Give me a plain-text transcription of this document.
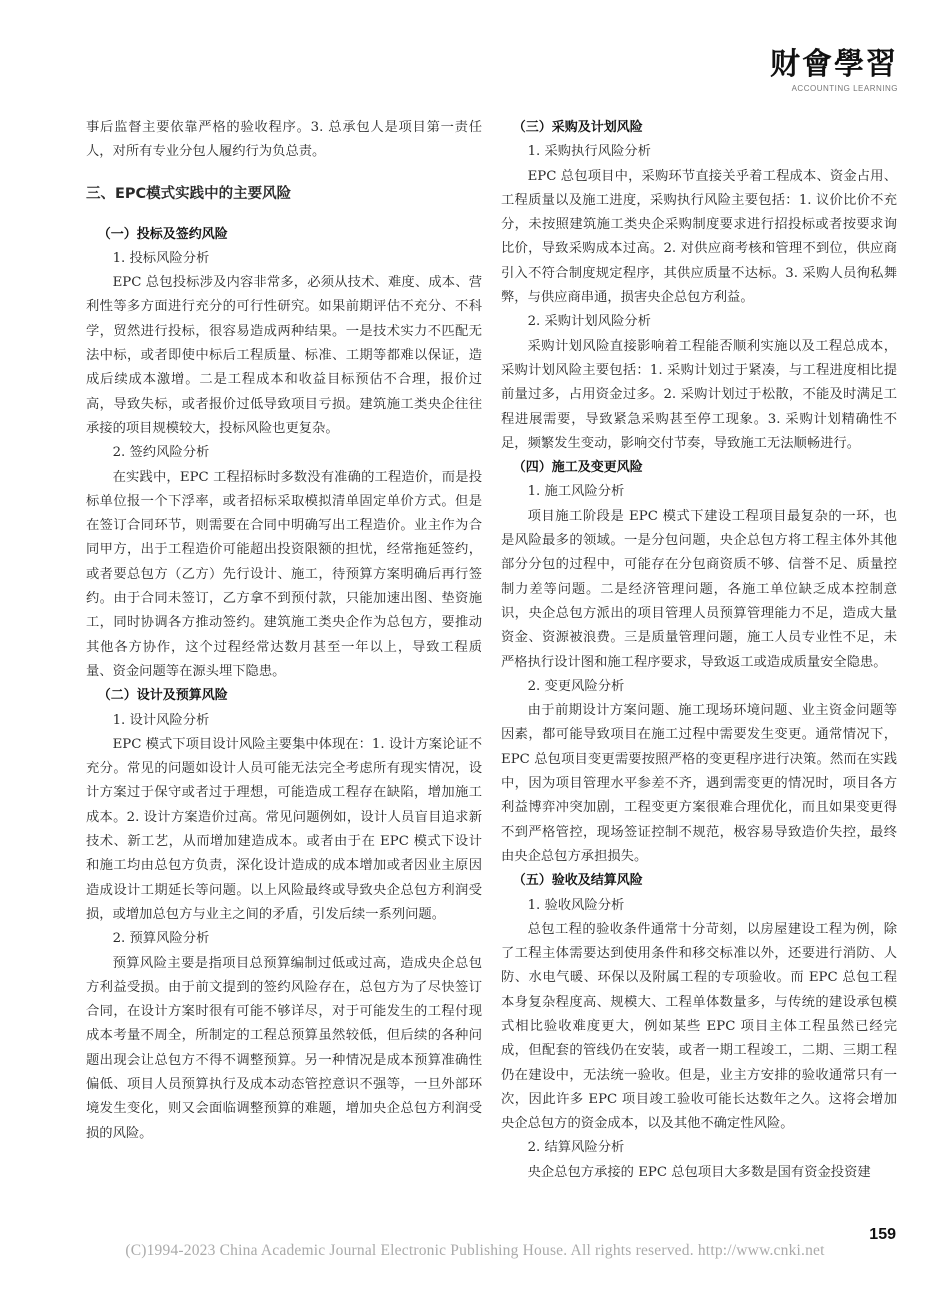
财會學習
ACCOUNTING LEARNING

事后监督主要依靠严格的验收程序。3. 总承包人是项目第一责任人，对所有专业分包人履约行为负总责。

三、EPC模式实践中的主要风险

（一）投标及签约风险

1. 投标风险分析

EPC 总包投标涉及内容非常多，必须从技术、难度、成本、营利性等多方面进行充分的可行性研究。如果前期评估不充分、不科学，贸然进行投标，很容易造成两种结果。一是技术实力不匹配无法中标，或者即使中标后工程质量、标准、工期等都难以保证，造成后续成本激增。二是工程成本和收益目标预估不合理，报价过高，导致失标，或者报价过低导致项目亏损。建筑施工类央企往往承接的项目规模较大，投标风险也更复杂。

2. 签约风险分析

在实践中，EPC 工程招标时多数没有准确的工程造价，而是投标单位报一个下浮率，或者招标采取模拟清单固定单价方式。但是在签订合同环节，则需要在合同中明确写出工程造价。业主作为合同甲方，出于工程造价可能超出投资限额的担忧，经常拖延签约，或者要总包方（乙方）先行设计、施工，待预算方案明确后再行签约。由于合同未签订，乙方拿不到预付款，只能加速出图、垫资施工，同时协调各方推动签约。建筑施工类央企作为总包方，要推动其他各方协作，这个过程经常达数月甚至一年以上，导致工程质量、资金问题等在源头埋下隐患。

（二）设计及预算风险

1. 设计风险分析

EPC 模式下项目设计风险主要集中体现在：1. 设计方案论证不充分。常见的问题如设计人员可能无法完全考虑所有现实情况，设计方案过于保守或者过于理想，可能造成工程存在缺陷，增加施工成本。2. 设计方案造价过高。常见问题例如，设计人员盲目追求新技术、新工艺，从而增加建造成本。或者由于在 EPC 模式下设计和施工均由总包方负责，深化设计造成的成本增加或者因业主原因造成设计工期延长等问题。以上风险最终或导致央企总包方利润受损，或增加总包方与业主之间的矛盾，引发后续一系列问题。

2. 预算风险分析

预算风险主要是指项目总预算编制过低或过高，造成央企总包方利益受损。由于前文提到的签约风险存在，总包方为了尽快签订合同，在设计方案时很有可能不够详尽，对于可能发生的工程付现成本考量不周全，所制定的工程总预算虽然较低，但后续的各种问题出现会让总包方不得不调整预算。另一种情况是成本预算准确性偏低、项目人员预算执行及成本动态管控意识不强等，一旦外部环境发生变化，则又会面临调整预算的难题，增加央企总包方利润受损的风险。

（三）采购及计划风险

1. 采购执行风险分析

EPC 总包项目中，采购环节直接关乎着工程成本、资金占用、工程质量以及施工进度，采购执行风险主要包括：1. 议价比价不充分，未按照建筑施工类央企采购制度要求进行招投标或者按要求询比价，导致采购成本过高。2. 对供应商考核和管理不到位，供应商引入不符合制度规定程序，其供应质量不达标。3. 采购人员徇私舞弊，与供应商串通，损害央企总包方利益。

2. 采购计划风险分析

采购计划风险直接影响着工程能否顺利实施以及工程总成本，采购计划风险主要包括：1. 采购计划过于紧凑，与工程进度相比提前量过多，占用资金过多。2. 采购计划过于松散，不能及时满足工程进展需要，导致紧急采购甚至停工现象。3. 采购计划精确性不足，频繁发生变动，影响交付节奏，导致施工无法顺畅进行。

（四）施工及变更风险

1. 施工风险分析

项目施工阶段是 EPC 模式下建设工程项目最复杂的一环，也是风险最多的领域。一是分包问题，央企总包方将工程主体外其他部分分包的过程中，可能存在分包商资质不够、信誉不足、质量控制力差等问题。二是经济管理问题，各施工单位缺乏成本控制意识，央企总包方派出的项目管理人员预算管理能力不足，造成大量资金、资源被浪费。三是质量管理问题，施工人员专业性不足，未严格执行设计图和施工程序要求，导致返工或造成质量安全隐患。

2. 变更风险分析

由于前期设计方案问题、施工现场环境问题、业主资金问题等因素，都可能导致项目在施工过程中需要发生变更。通常情况下，EPC 总包项目变更需要按照严格的变更程序进行决策。然而在实践中，因为项目管理水平参差不齐，遇到需变更的情况时，项目各方利益博弈冲突加剧，工程变更方案很难合理优化，而且如果变更得不到严格管控，现场签证控制不规范，极容易导致造价失控，最终由央企总包方承担损失。

（五）验收及结算风险

1. 验收风险分析

总包工程的验收条件通常十分苛刻，以房屋建设工程为例，除了工程主体需要达到使用条件和移交标准以外，还要进行消防、人防、水电气暖、环保以及附属工程的专项验收。而 EPC 总包工程本身复杂程度高、规模大、工程单体数量多，与传统的建设承包模式相比验收难度更大，例如某些 EPC 项目主体工程虽然已经完成，但配套的管线仍在安装，或者一期工程竣工，二期、三期工程仍在建设中，无法统一验收。但是，业主方安排的验收通常只有一次，因此许多 EPC 项目竣工验收可能长达数年之久。这将会增加央企总包方的资金成本，以及其他不确定性风险。

2. 结算风险分析

央企总包方承接的 EPC 总包项目大多数是国有资金投资建

159
(C)1994-2023 China Academic Journal Electronic Publishing House. All rights reserved. http://www.cnki.net
